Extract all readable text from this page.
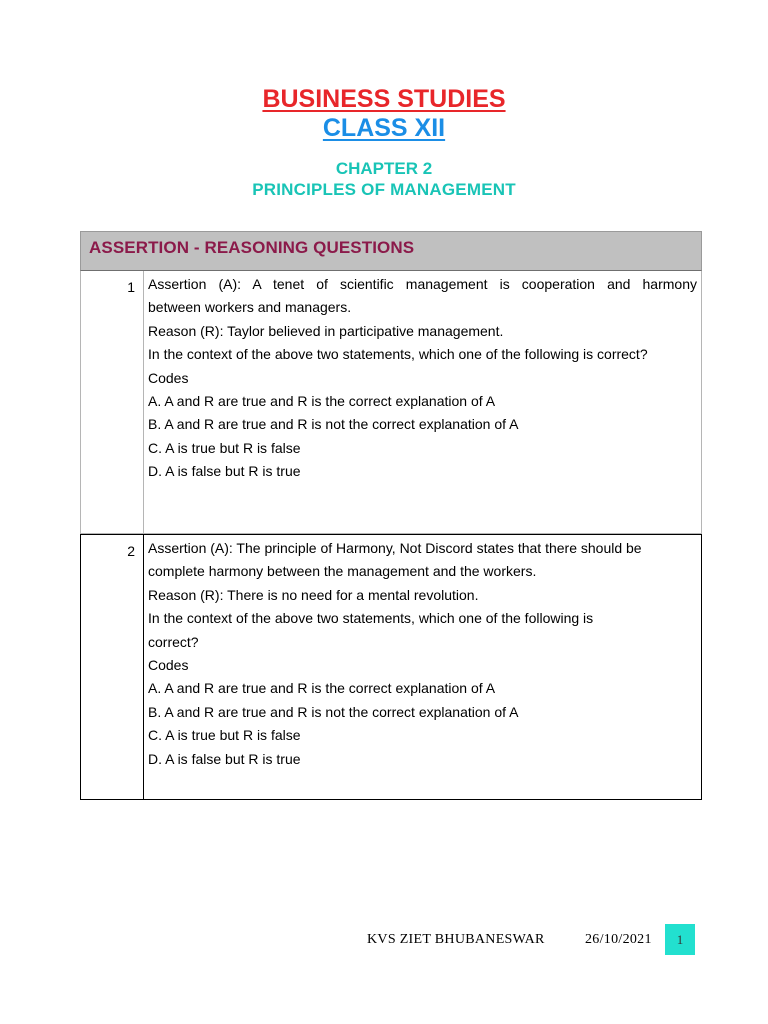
BUSINESS STUDIES
CLASS XII
CHAPTER 2
PRINCIPLES OF MANAGEMENT
ASSERTION - REASONING QUESTIONS
1 Assertion (A): A tenet of scientific management is cooperation and harmony
between workers and managers.
Reason (R): Taylor believed in participative management.
In the context of the above two statements, which one of the following is correct?
Codes
A. A and R are true and R is the correct explanation of A
B. A and R are true and R is not the correct explanation of A
C. A is true but R is false
D. A is false but R is true
2 Assertion (A): The principle of Harmony, Not Discord states that there should be
complete harmony between the management and the workers.
Reason (R): There is no need for a mental revolution.
In the context of the above two statements, which one of the following is
correct?
Codes
A. A and R are true and R is the correct explanation of A
B. A and R are true and R is not the correct explanation of A
C. A is true but R is false
D. A is false but R is true
KVS ZIET BHUBANESWAR	26/10/2021	1
